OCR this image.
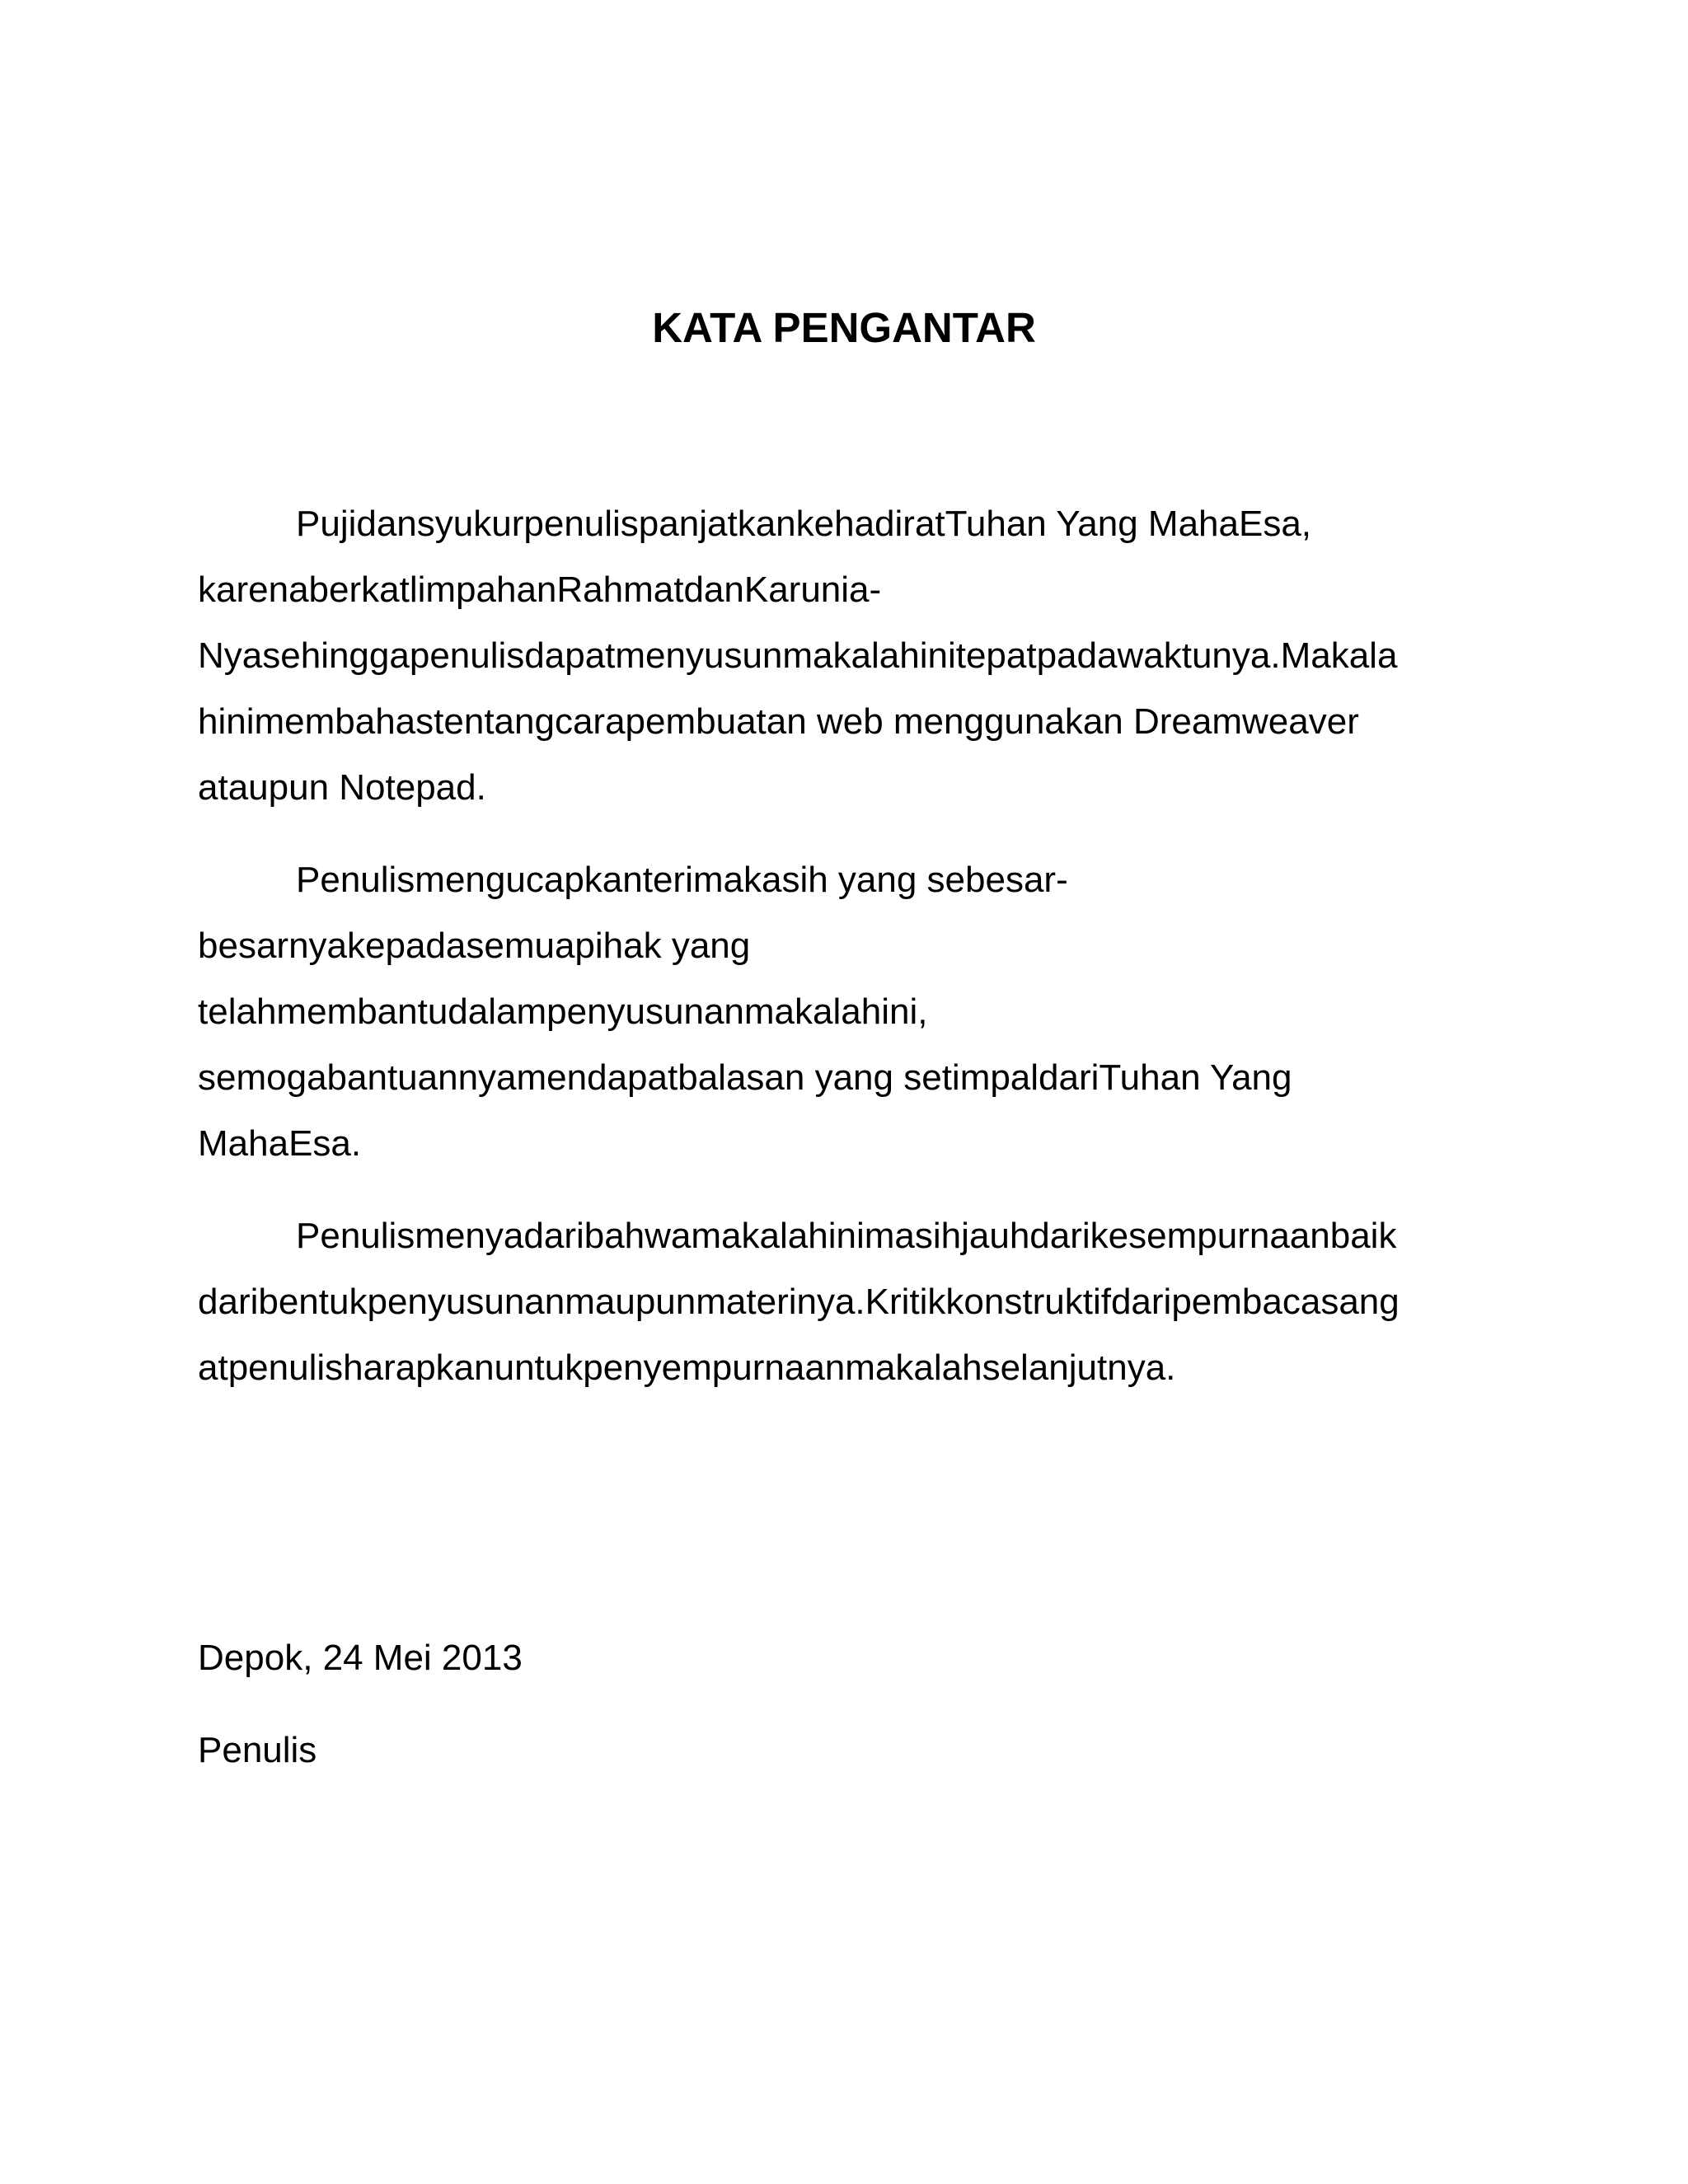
KATA PENGANTAR
PujidansyukurpenulispanjatkankehadiratTuhan Yang MahaEsa,
karenaberkatlimpahanRahmatdanKarunia-
Nyasehinggapenulisdapatmenyusunmakalahinitepatpadawaktunya.Makala
hinimembahastentangcarapembuatan web menggunakan Dreamweaver
ataupun Notepad.
Penulismengucapkanterimakasih yang sebesar-
besarnyakepadasemuapihak yang
telahmembantudalampenyusunanmakalahini,
semogabantuannyamendapatbalasan yang setimpaldariTuhan Yang
MahaEsa.
Penulismenyadaribahwamakalahinimasihjauhdarikesempurnaanbaik
daribentukpenyusunanmaupunmaterinya.Kritikkonstruktifdaripembacasang
atpenulisharapkanuntukpenyempurnaanmakalahselanjutnya.
Depok, 24 Mei 2013
Penulis
